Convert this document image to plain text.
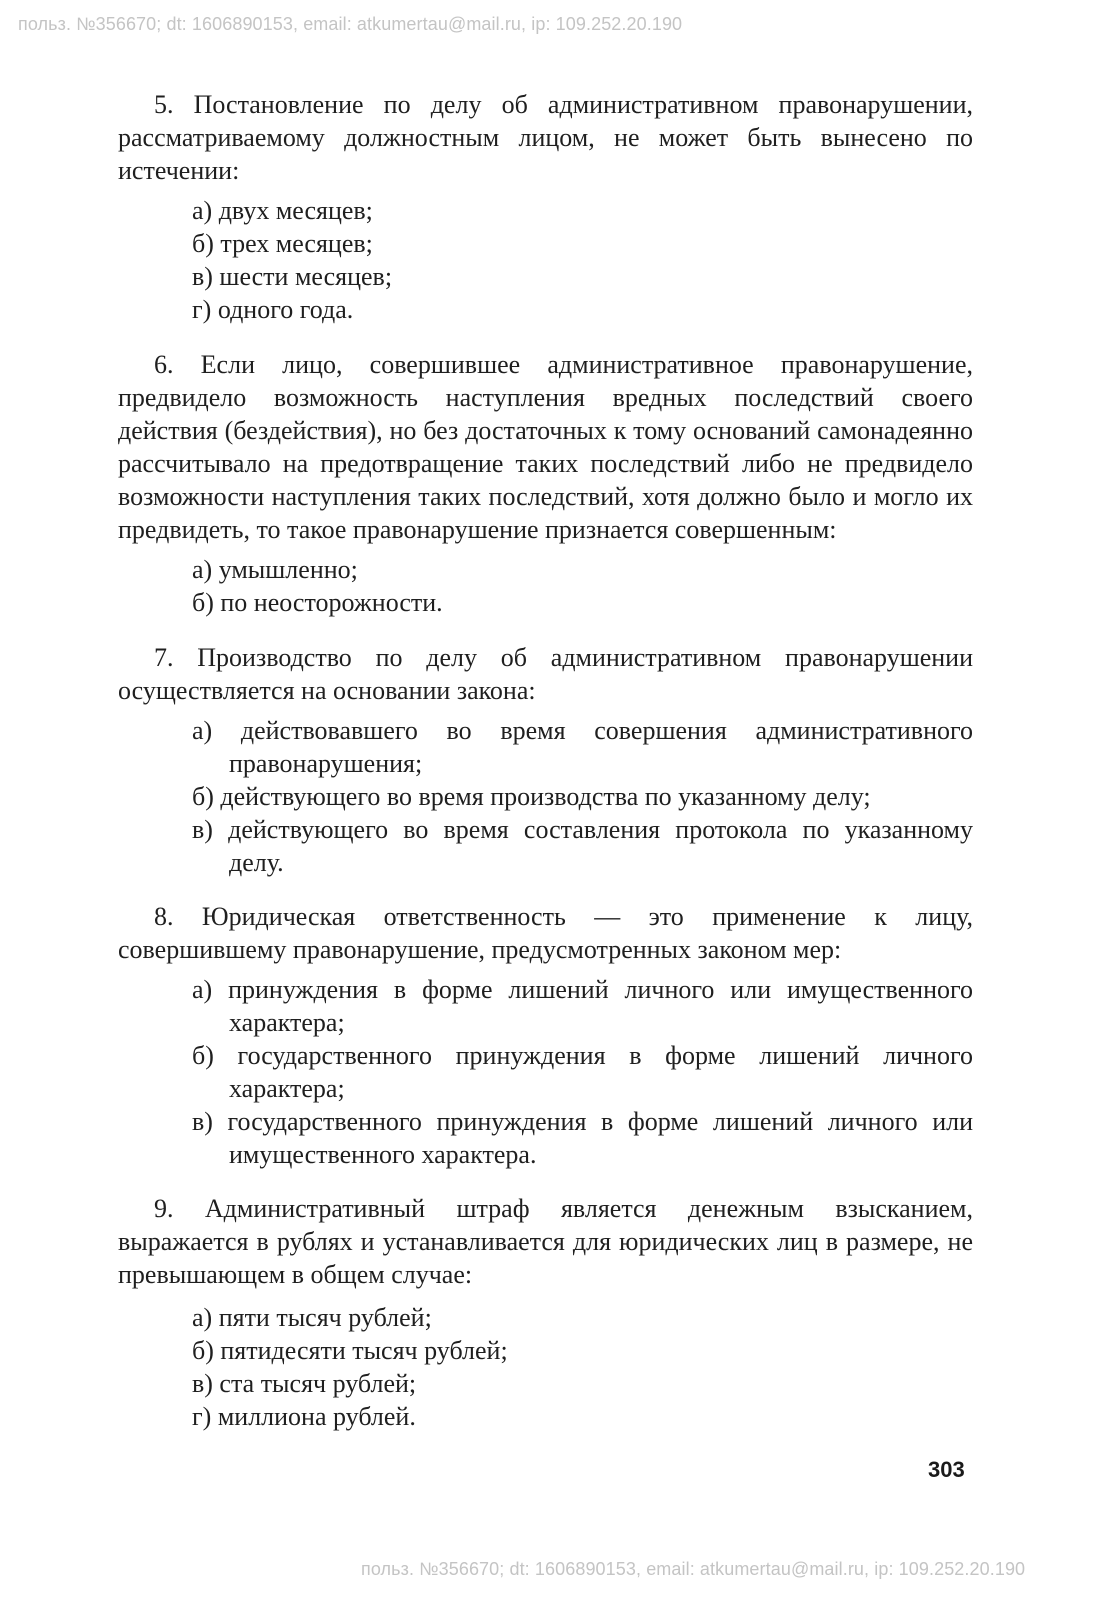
польз. №356670; dt: 1606890153, email: atkumertau@mail.ru, ip: 109.252.20.190

5. Постановление по делу об административном правонарушении, рассматриваемому должностным лицом, не может быть вынесено по истечении:

а) двух месяцев;
б) трех месяцев;
в) шести месяцев;
г) одного года.

6. Если лицо, совершившее административное правонарушение, предвидело возможность наступления вредных последствий своего действия (бездействия), но без достаточных к тому оснований самонадеянно рассчитывало на предотвращение таких последствий либо не предвидело возможности наступления таких последствий, хотя должно было и могло их предвидеть, то такое правонарушение признается совершенным:

а) умышленно;
б) по неосторожности.

7. Производство по делу об административном правонарушении осуществляется на основании закона:

а) действовавшего во время совершения административного правонарушения;
б) действующего во время производства по указанному делу;
в) действующего во время составления протокола по указанному делу.

8. Юридическая ответственность — это применение к лицу, совершившему правонарушение, предусмотренных законом мер:

а) принуждения в форме лишений личного или имущественного характера;
б) государственного принуждения в форме лишений личного характера;
в) государственного принуждения в форме лишений личного или имущественного характера.

9. Административный штраф является денежным взысканием, выражается в рублях и устанавливается для юридических лиц в размере, не превышающем в общем случае:

а) пяти тысяч рублей;
б) пятидесяти тысяч рублей;
в) ста тысяч рублей;
г) миллиона рублей.
303
польз. №356670; dt: 1606890153, email: atkumertau@mail.ru, ip: 109.252.20.190
